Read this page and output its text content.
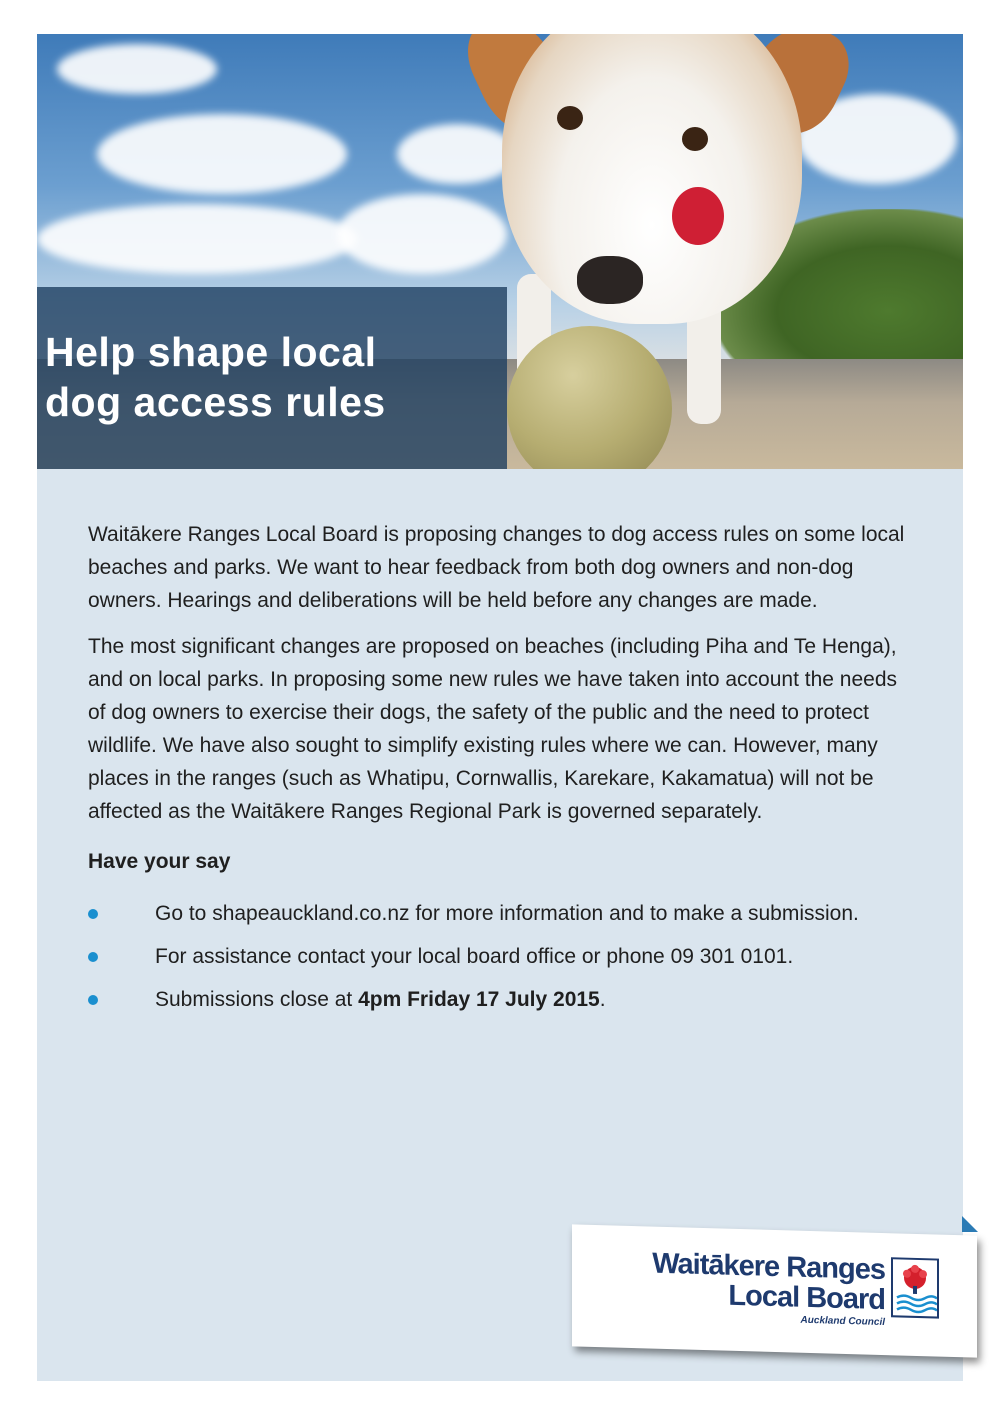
Help shape local
dog access rules

Waitākere Ranges Local Board is proposing changes to dog access rules on some local beaches and parks. We want to hear feedback from both dog owners and non-dog owners. Hearings and deliberations will be held before any changes are made.

The most significant changes are proposed on beaches (including Piha and Te Henga), and on local parks. In proposing some new rules we have taken into account the needs of dog owners to exercise their dogs, the safety of the public and the need to protect wildlife. We have also sought to simplify existing rules where we can. However, many places in the ranges (such as Whatipu, Cornwallis, Karekare, Kakamatua) will not be affected as the Waitākere Ranges Regional Park is governed separately.

Have your say
Go to shapeauckland.co.nz for more information and to make a submission.
For assistance contact your local board office or phone 09 301 0101.
Submissions close at 4pm Friday 17 July 2015.
Waitākere Ranges
Local Board
Auckland Council
